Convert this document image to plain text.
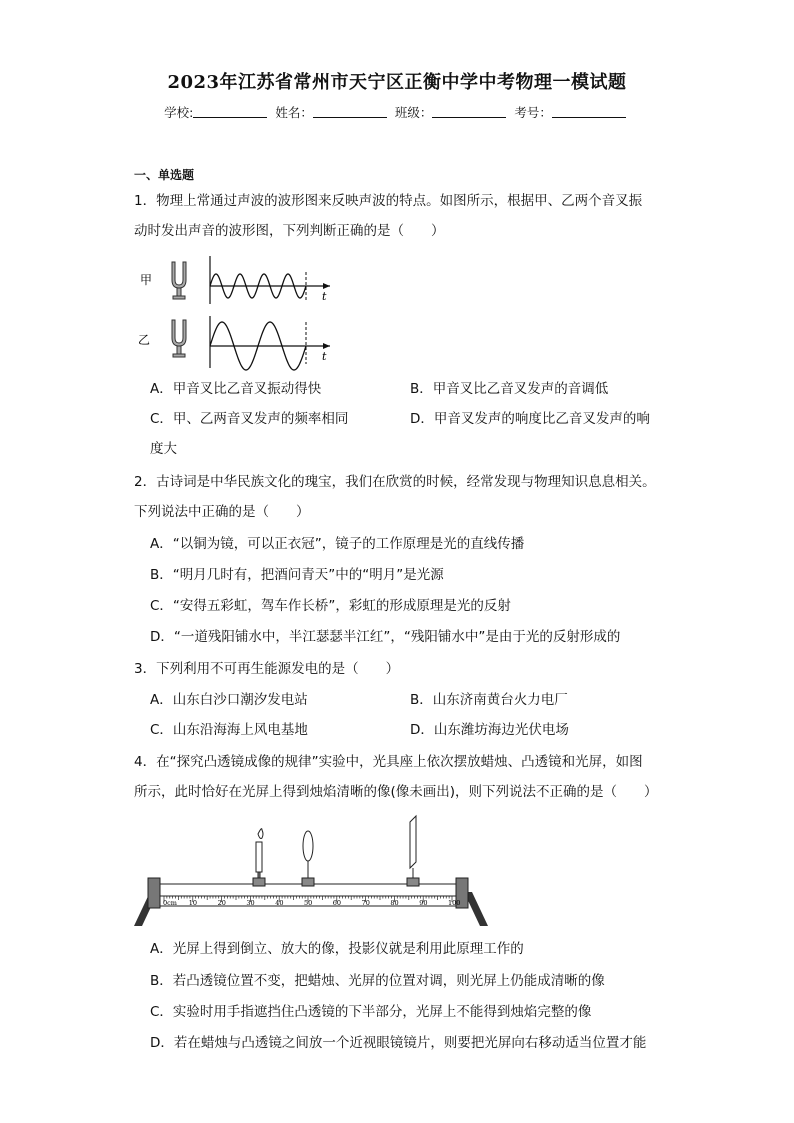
2023年江苏省常州市天宁区正衡中学中考物理一模试题
学校:	姓名：	班级：	考号：
一、单选题
1．物理上常通过声波的波形图来反映声波的特点。如图所示，根据甲、乙两个音叉振
动时发出声音的波形图，下列判断正确的是（　　）
甲
乙
t
t
A．甲音叉比乙音叉振动得快	B．甲音叉比乙音叉发声的音调低
C．甲、乙两音叉发声的频率相同	D．甲音叉发声的响度比乙音叉发声的响
度大
2．古诗词是中华民族文化的瑰宝，我们在欣赏的时候，经常发现与物理知识息息相关。
下列说法中正确的是（　　）
A．“以铜为镜，可以正衣冠”，镜子的工作原理是光的直线传播
B．“明月几时有，把酒问青天”中的“明月”是光源
C．“安得五彩虹，驾车作长桥”，彩虹的形成原理是光的反射
D．“一道残阳铺水中，半江瑟瑟半江红”，“残阳铺水中”是由于光的反射形成的
3．下列利用不可再生能源发电的是（　　）
A．山东白沙口潮汐发电站	B．山东济南黄台火力电厂
C．山东沿海海上风电基地	D．山东潍坊海边光伏电场
4．在“探究凸透镜成像的规律”实验中，光具座上依次摆放蜡烛、凸透镜和光屏，如图
所示，此时恰好在光屏上得到烛焰清晰的像(像未画出)，则下列说法不正确的是（　　）
0cm 10	20	30	40	50	60	70	80	90	100
A．光屏上得到倒立、放大的像，投影仪就是利用此原理工作的
B．若凸透镜位置不变，把蜡烛、光屏的位置对调，则光屏上仍能成清晰的像
C．实验时用手指遮挡住凸透镜的下半部分，光屏上不能得到烛焰完整的像
D．若在蜡烛与凸透镜之间放一个近视眼镜镜片，则要把光屏向右移动适当位置才能
